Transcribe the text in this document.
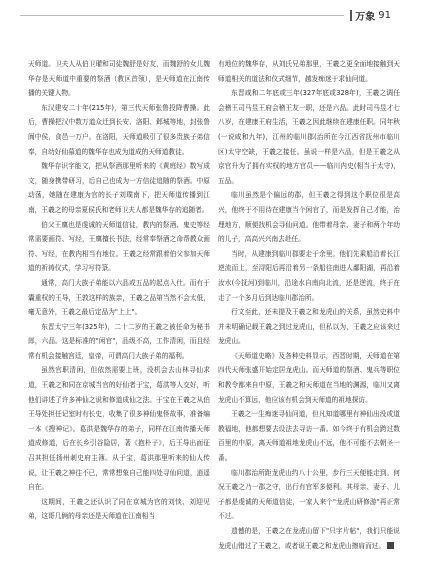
万象 91

天师道。卫夫人从伯卫瓘和司徒魏舒是好友，而魏舒的女儿魏华存是天师道中重要的祭酒（教区首领），是天师道在江南传播的关键人物。

东汉建安二十年(215年)，第三代天师张鲁投降曹操。此后，曹操把汉中数万道众迁到长安、洛阳、邺城等地，封张鲁阆中侯，食邑一万户。在洛阳，天师道吸引了很多贵族子弟信奉，自幼好仙慕道的魏华存也成为道成的天师道教徒。

魏华存识字能文，把从祭酒那里听来的《黄庭经》数写成文，随身携带研习，后自己也成为一方信徒追随的祭酒。中原动荡，她随在建康为官的长子刘璞南下，把天师道传播到江南，王羲之的母亲夏侯氏和老师卫夫人都是魏华存的追随者。

伯父王廙也是虔诚的天师道信徒，教内的祭酒、鬼史等经常需要画符、写经，王廙擅长书法，经常奉祭酒之命帮教众画符、写经，在教内相当有地位。王羲之经常跟着伯父参加天师道的祈祷仪式，学习写符箓。

通常，高门大族子弟能以六品或五品的起点入仕。而有于囊重权的王导，王敦这样的族亲，王羲之品第当然不会太低，毫无意外，王羲之最后定品为"上上"。

东晋太宁三年(325年)，二十二岁的王羲之被任命为秘书郎，六品。这是标准的"闲官"，品级不高，工作清闲，而且经常有机会接触宫廷，皇帝，可谓高门大族子弟的福利。

虽然官职清闲，但依然需要上班，没机会去山林寻仙求道，王羲之和同在京城当官的好仙者于宝，葛洪等人交好，听他们讲述了许多神仙之说和修道成仙之法。于宝在王羲之从伯王导处担任记室时有长史，收集了很多神仙鬼怪故事，准备编一本《搜神记》。葛洪是魏华存的弟子，同样在江南传播天师道成修道，后在长乡引谷隐居，著《抱朴子》，后王导出面征召其担任扬州刺史府主簿。从于宝，葛洪那里听来的仙人传说，让王羲之神往不已，常常想象自己能四处寻仙问道，逍遥自在。

这期间，王羲之还认识了同在京城为官的刘惔、刘迎见弟，这哥几俩的母亲还是天师道在江南相当

有地位的魏华存，从刘氏兄弟那里，王羲之更全面地接触到天师道相关的道法和仪式细节，越发痴迷于求仙问道。

东晋咸和二年底或三年(327年底或328年)，王羲之调任会稽王司马昱王府会稽王友一职，还是六品。此时司马昱才七八岁，在建康王府生活，王羲之因此继续在建康任职。同年秋(一说咸和九年)，江州的临川郡(治所在今江西省抚州市临川区)太守空缺，王羲之接任。虽说一样是六品，但是王羲之从京官升为了拥有实权的地方官员——临川内史(相当于太守)，五品。

临川虽然是个偏远的郡，但王羲之得到这个职位很是高兴，他终于不用待在建康当个闲官了，而是发挥自己才能，治理地方，顺便找机会寻仙问道。他带着母亲、妻子和两个年幼的儿子，高高兴兴南去赴任。

当时，从建康到临川郡要走于余里。他们先乘船沿着长江逆流而上，至浔阳后再沿着另一条船往南进人鄱阳湖，再沿着汝水(今抚河)到临川，沿途水自南向北流，还是逆流，终于在走了一个多月后到达临川郡治所。

行文至此，还未提及王羲之和龙虎山的关系，虽然史料中并未明确记载王羲之到过龙虎山，但私以为，王羲之应该来过龙虎山。

《天师道史略》及各种史料显示，西晋时期，天师道在第四代天师张盛开始定居龙虎山。而天师道的祭酒、鬼兵等职位和教令都来自中原，王羲之和天师道在当地的渊源，临川又离龙虎山不算远，他应该有机会到天师道的祖地探访。

王羲之一生痴迷寻仙问道，但凡知道哪里有神仙出没或道教福地，他都想要去设法去寻访一番。如今终于有机会跨过数百里的中原，离天师道祖地龙虎山不远，他不可能不去朝圣一番。

临川郡治所距龙虎山约八十公里，步行三天便能走到。何况王羲之乃一郡之守，出行有官军多便利。其母亲、妻子、儿子都是虔诚的天师道信徒，一家人来个"龙虎山研修游"再正常不过。

遗憾的是，王羲之在龙虎山留下"只字片帖"，我们只能说龙虎山错过了王羲之，或者说王羲之和龙虎山擦肩而过。
